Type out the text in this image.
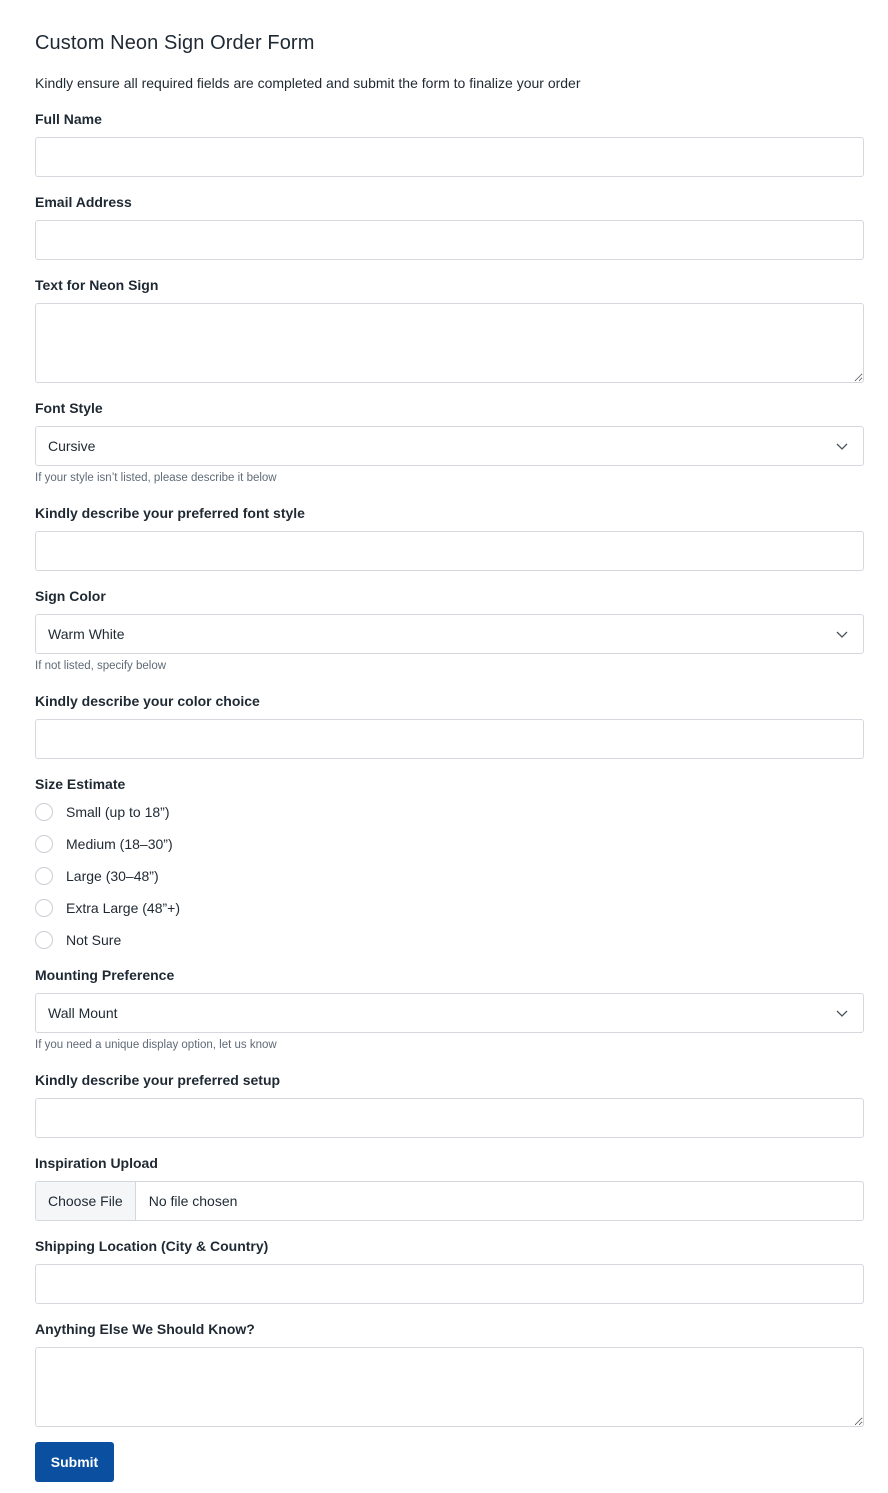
Custom Neon Sign Order Form
Kindly ensure all required fields are completed and submit the form to finalize your order
Full Name
Email Address
Text for Neon Sign
Font Style
Cursive
If your style isn’t listed, please describe it below
Kindly describe your preferred font style
Sign Color
Warm White
If not listed, specify below
Kindly describe your color choice
Size Estimate
Small (up to 18”)
Medium (18–30”)
Large (30–48”)
Extra Large (48”+)
Not Sure
Mounting Preference
Wall Mount
If you need a unique display option, let us know
Kindly describe your preferred setup
Inspiration Upload
Choose File	No file chosen
Shipping Location (City & Country)
Anything Else We Should Know?
Submit
